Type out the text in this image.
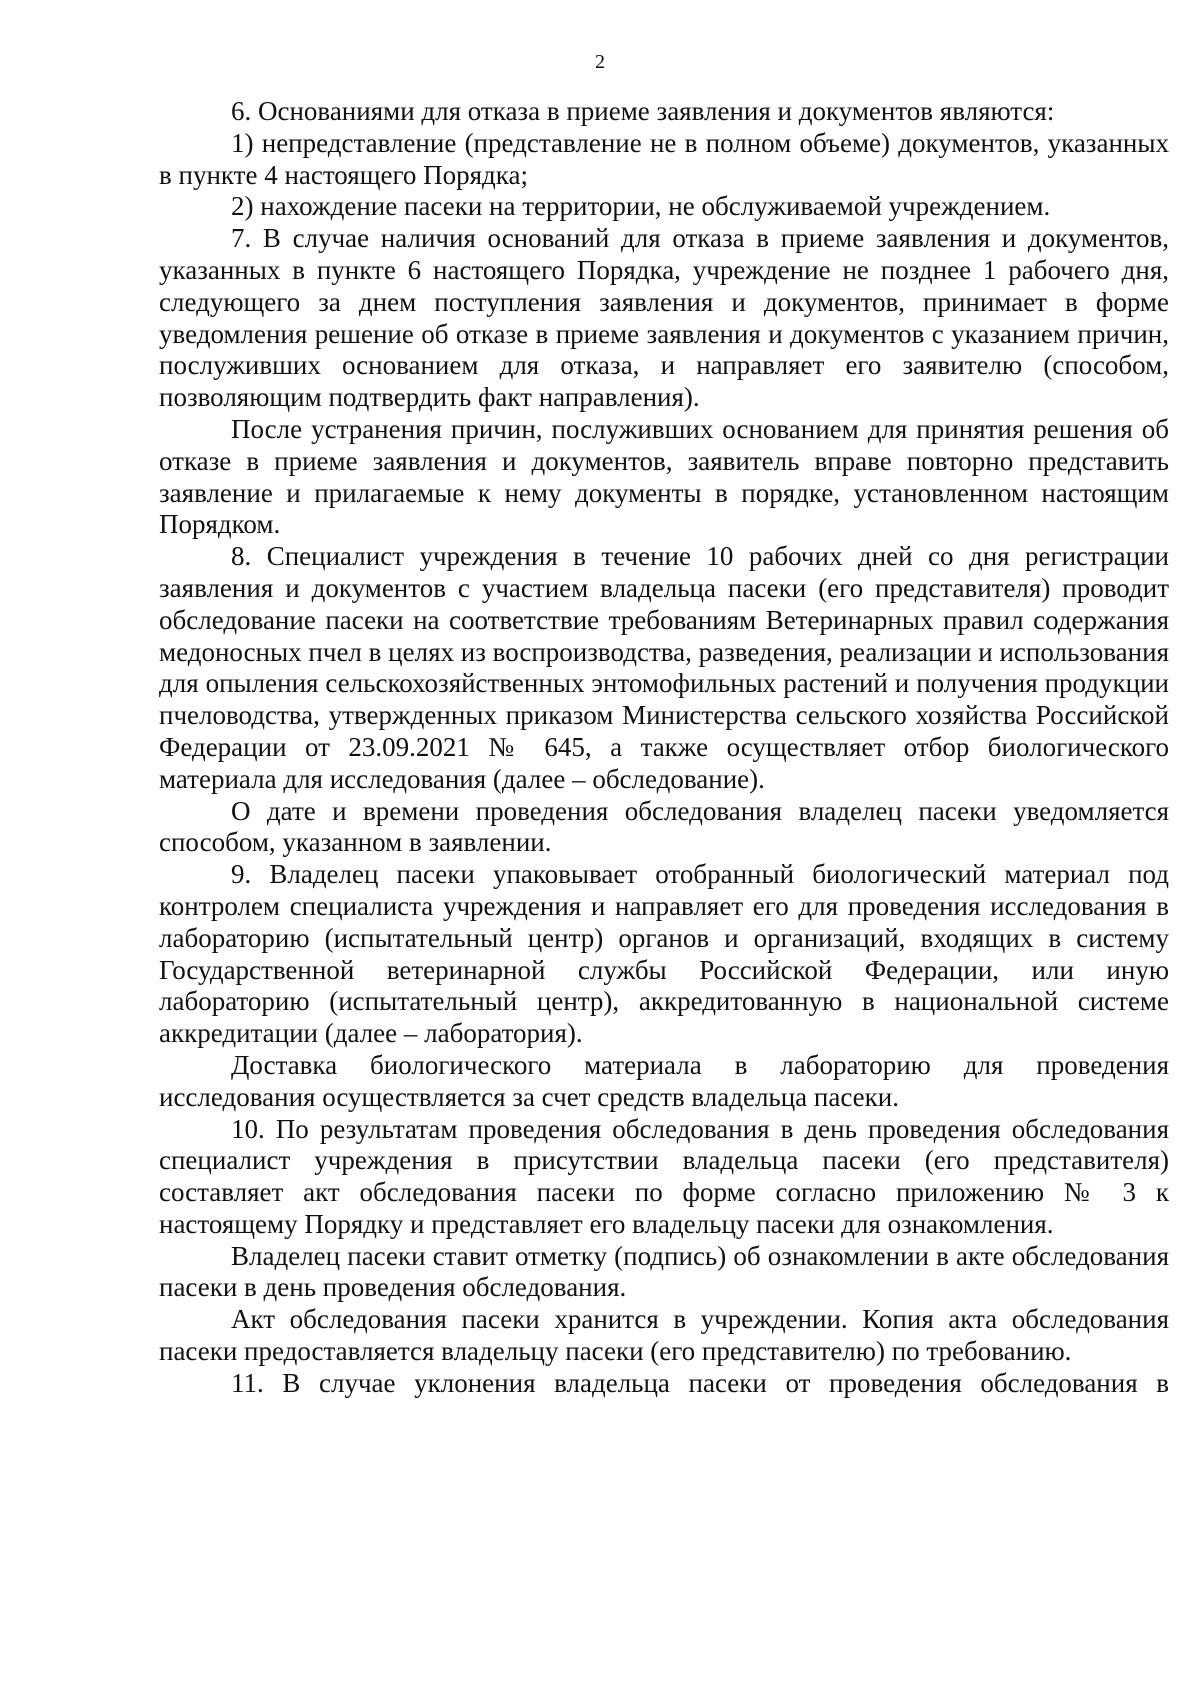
2

6. Основаниями для отказа в приеме заявления и документов являются:

1) непредставление (представление не в полном объеме) документов, указанных в пункте 4 настоящего Порядка;

2) нахождение пасеки на территории, не обслуживаемой учреждением.

7. В случае наличия оснований для отказа в приеме заявления и документов, указанных в пункте 6 настоящего Порядка, учреждение не позднее 1 рабочего дня, следующего за днем поступления заявления и документов, принимает в форме уведомления решение об отказе в приеме заявления и документов с указанием причин, послуживших основанием для отказа, и направляет его заявителю (способом, позволяющим подтвердить факт направления).

После устранения причин, послуживших основанием для принятия решения об отказе в приеме заявления и документов, заявитель вправе повторно представить заявление и прилагаемые к нему документы в порядке, установленном настоящим Порядком.

8. Специалист учреждения в течение 10 рабочих дней со дня регистрации заявления и документов с участием владельца пасеки (его представителя) проводит обследование пасеки на соответствие требованиям Ветеринарных правил содержания медоносных пчел в целях из воспроизводства, разведения, реализации и использования для опыления сельскохозяйственных энтомофильных растений и получения продукции пчеловодства, утвержденных приказом Министерства сельского хозяйства Российской Федерации от 23.09.2021 № 645, а также осуществляет отбор биологического материала для исследования (далее – обследование).

О дате и времени проведения обследования владелец пасеки уведомляется способом, указанном в заявлении.

9. Владелец пасеки упаковывает отобранный биологический материал под контролем специалиста учреждения и направляет его для проведения исследования в лабораторию (испытательный центр) органов и организаций, входящих в систему Государственной ветеринарной службы Российской Федерации, или иную лабораторию (испытательный центр), аккредитованную в национальной системе аккредитации (далее – лаборатория).

Доставка биологического материала в лабораторию для проведения исследования осуществляется за счет средств владельца пасеки.

10. По результатам проведения обследования в день проведения обследования специалист учреждения в присутствии владельца пасеки (его представителя) составляет акт обследования пасеки по форме согласно приложению № 3 к настоящему Порядку и представляет его владельцу пасеки для ознакомления.

Владелец пасеки ставит отметку (подпись) об ознакомлении в акте обследования пасеки в день проведения обследования.

Акт обследования пасеки хранится в учреждении. Копия акта обследования пасеки предоставляется владельцу пасеки (его представителю) по требованию.

11. В случае уклонения владельца пасеки от проведения обследования в
